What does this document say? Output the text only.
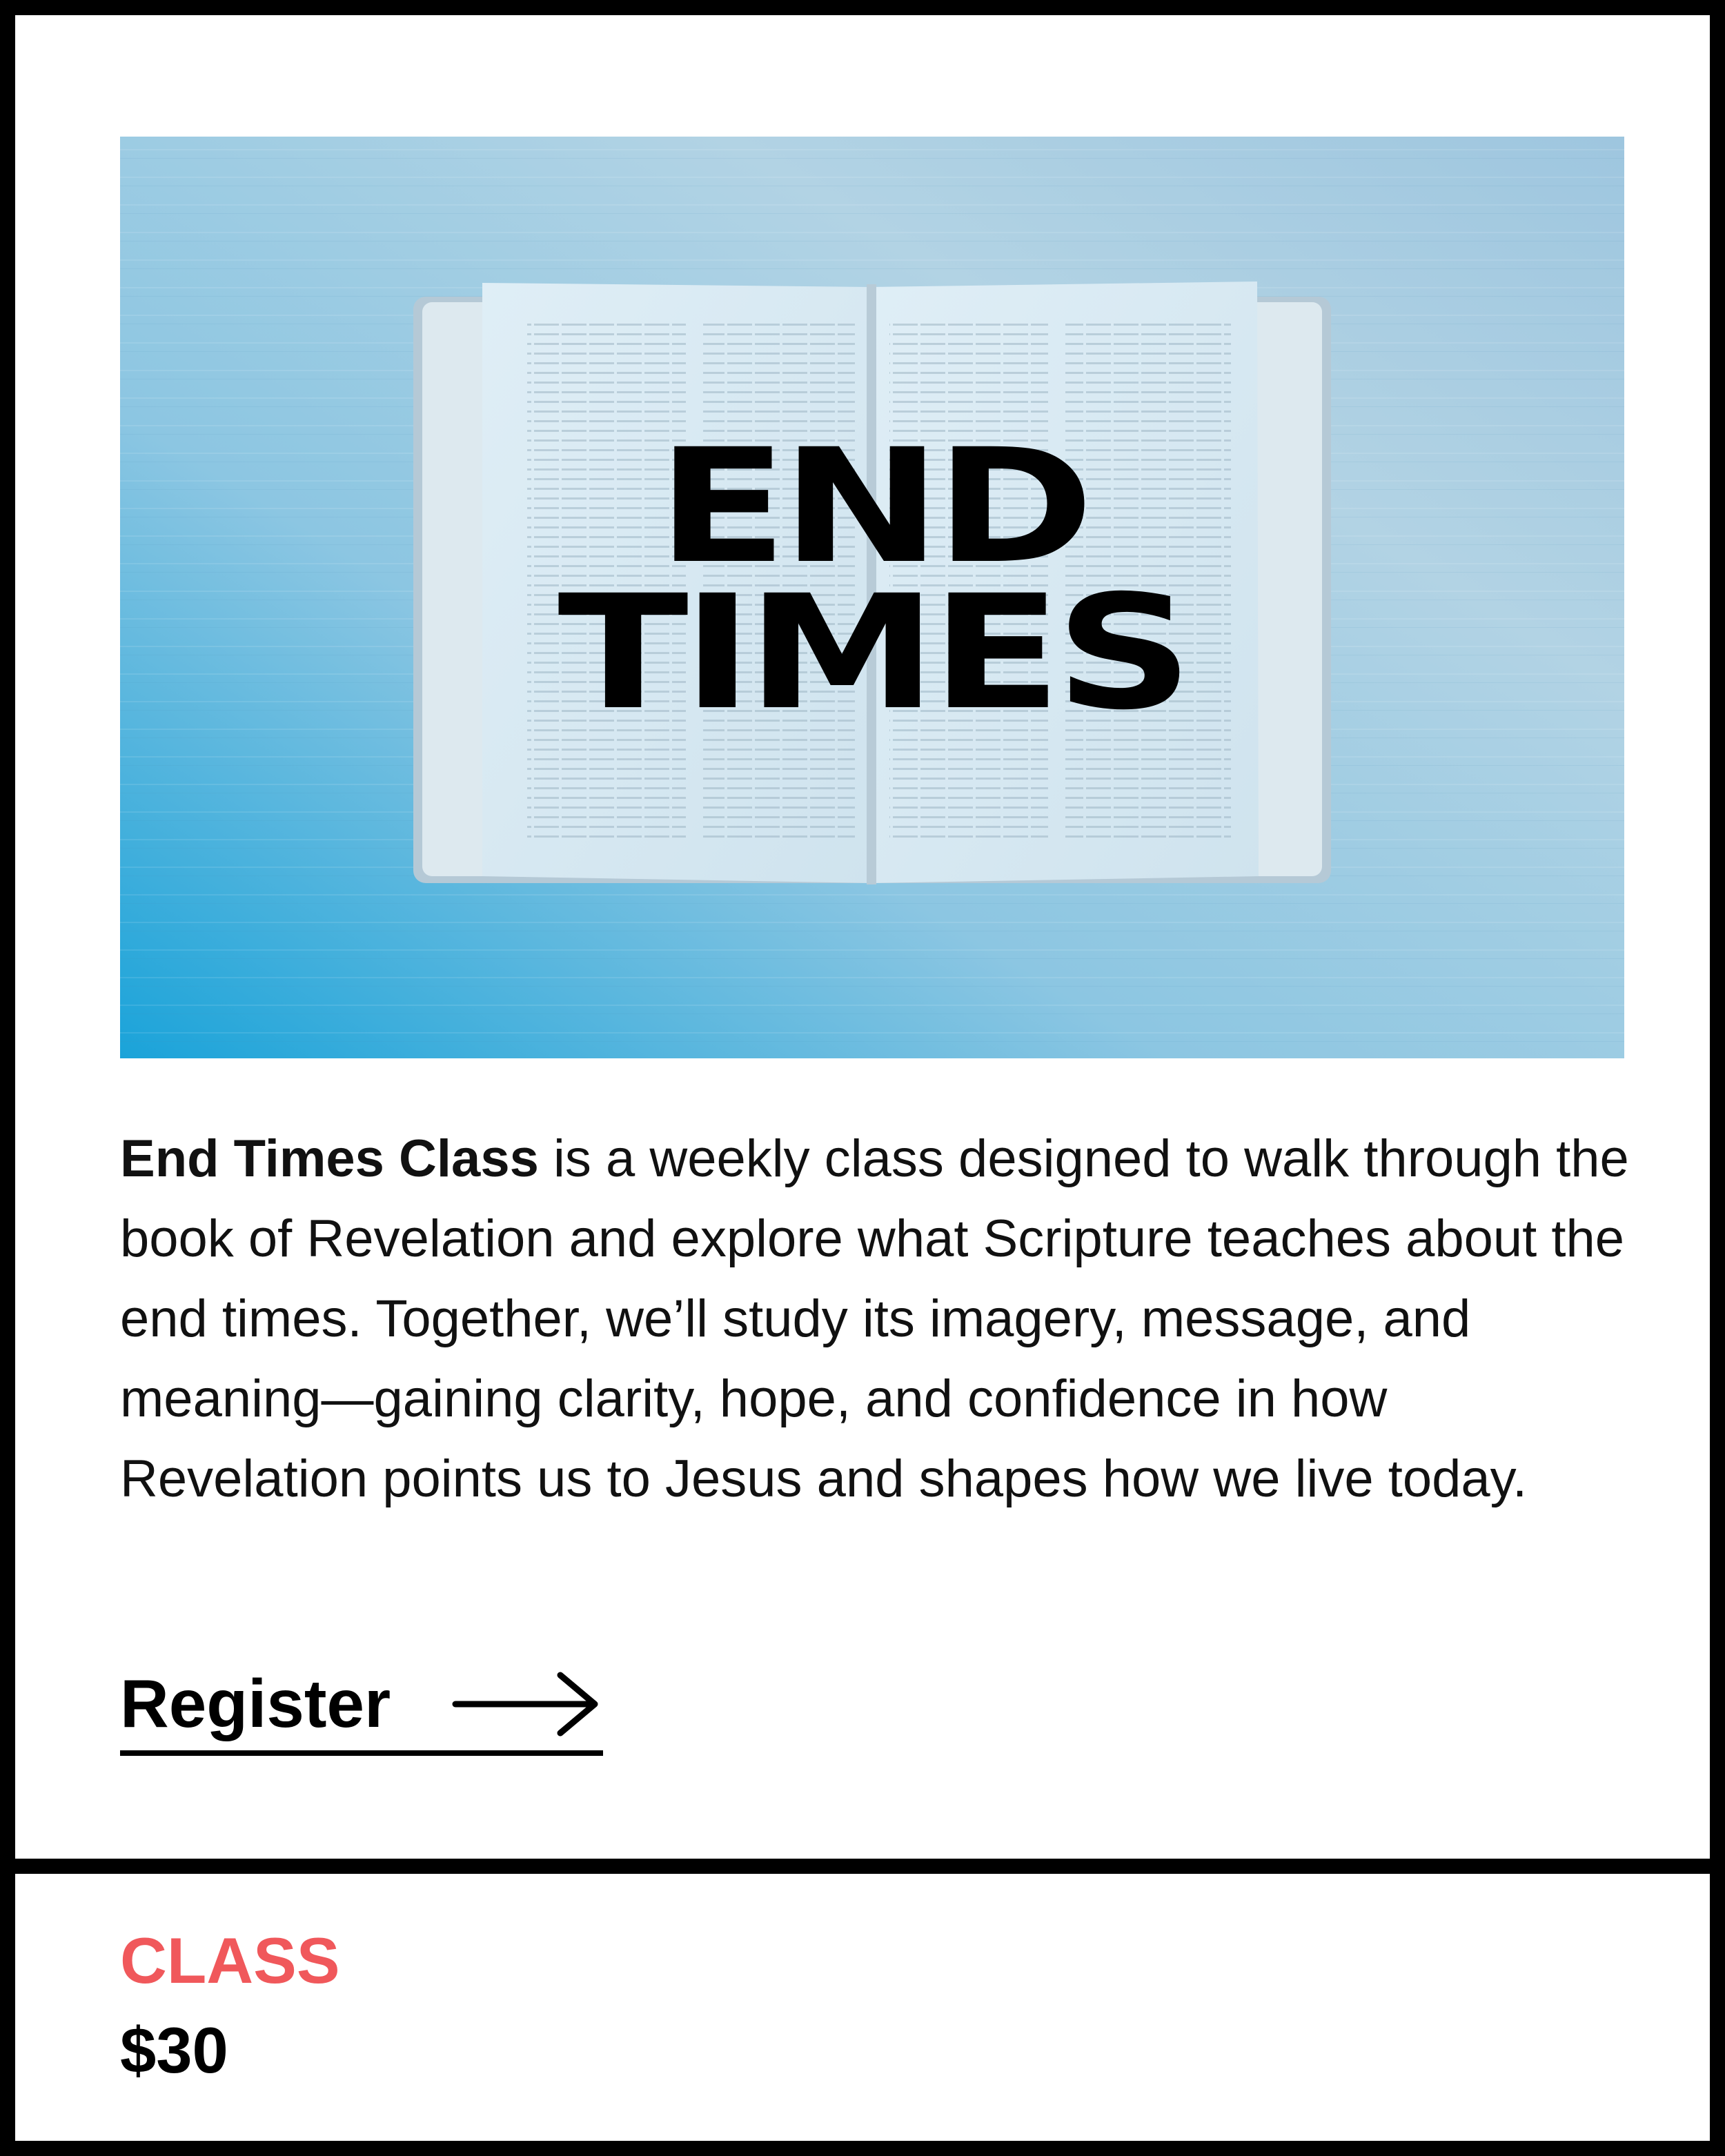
END
TIMES

End Times Class is a weekly class designed to walk through the book of Revelation and explore what Scripture teaches about the end times. Together, we’ll study its imagery, message, and meaning—gaining clarity, hope, and confidence in how Revelation points us to Jesus and shapes how we live today.

Register
CLASS
$30
